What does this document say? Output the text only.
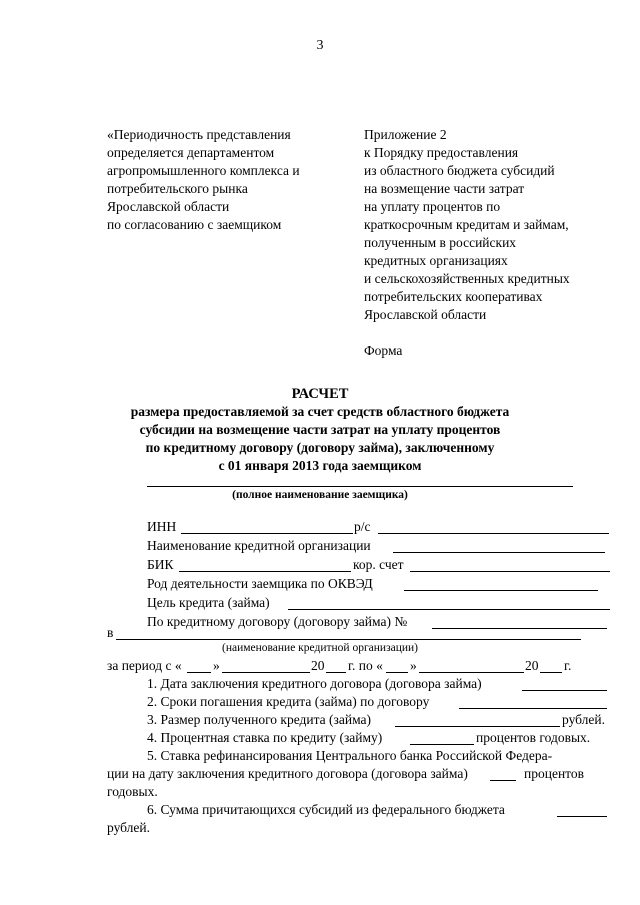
3
«Периодичность представления
определяется департаментом
агропромышленного комплекса и
потребительского рынка
Ярославской области
по согласованию с заемщиком
Приложение 2
к Порядку предоставления
из областного бюджета субсидий
на возмещение части затрат
на уплату процентов по
краткосрочным кредитам и займам,
полученным в российских
кредитных организациях
и сельскохозяйственных кредитных
потребительских кооперативах
Ярославской области
Форма
РАСЧЕТ
размера предоставляемой за счет средств областного бюджета
субсидии на возмещение части затрат на уплату процентов
по кредитному договору (договору займа), заключенному
с 01 января 2013 года заемщиком
(полное наименование заемщика)
ИНН	р/с
Наименование кредитной организации
БИК	кор. счет
Род деятельности заемщика по ОКВЭД
Цель кредита (займа)
По кредитному договору (договору займа) №
в
(наименование кредитной организации)
за период с « »	20 г. по « »	20 г.
1. Дата заключения кредитного договора (договора займа)
2. Сроки погашения кредита (займа) по договору
3. Размер полученного кредита (займа)	рублей.
4. Процентная ставка по кредиту (займу)	процентов годовых.
5. Ставка рефинансирования Центрального банка Российской Федера-
ции на дату заключения кредитного договора (договора займа)	процентов
годовых.
6. Сумма причитающихся субсидий из федерального бюджета
рублей.
